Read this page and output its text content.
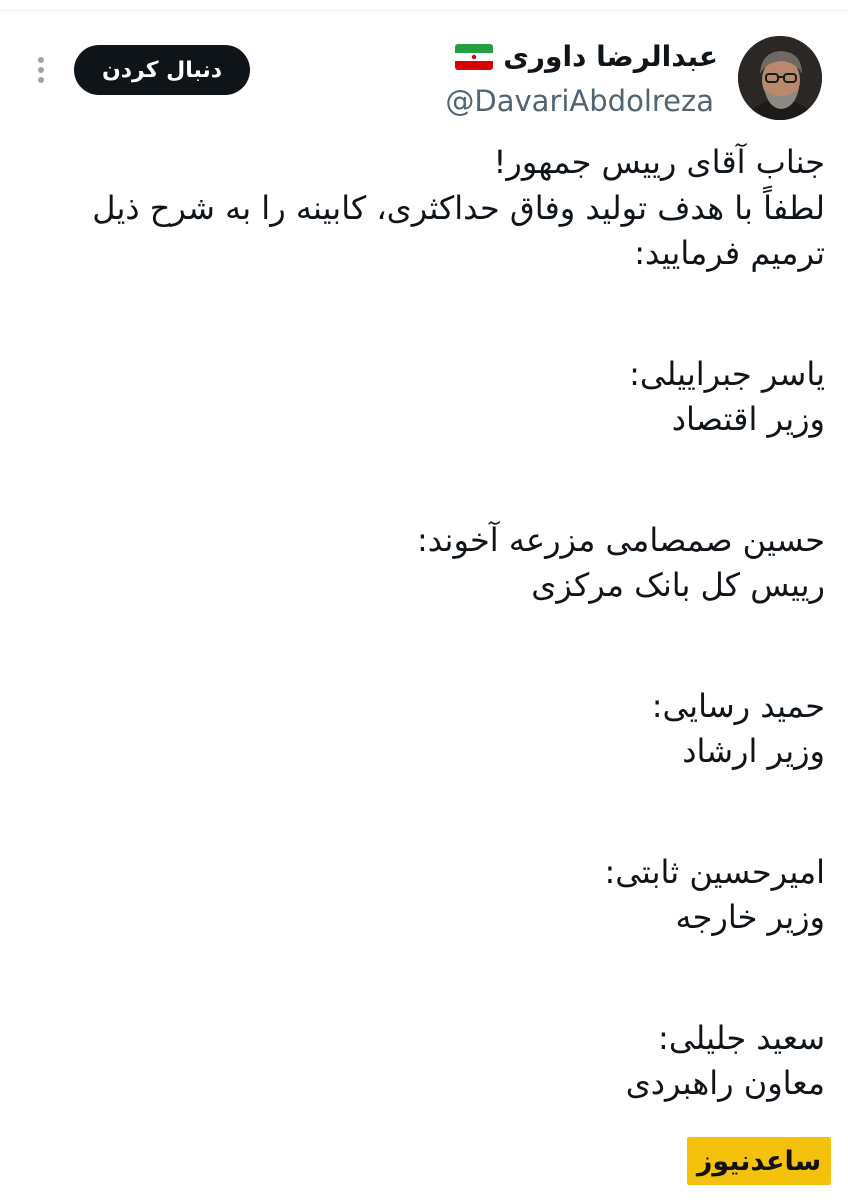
عبدالرضا داوری
@DavariAbdolreza
دنبال کردن
جناب آقای رییس جمهور!
لطفاً با هدف تولید وفاق حداکثری، کابینه را به شرح ذیل ترمیم فرمایید:
یاسر جبراییلی:
وزیر اقتصاد
حسین صمصامی مزرعه آخوند:
رییس کل بانک مرکزی
حمید رسایی:
وزیر ارشاد
امیرحسین ثابتی:
وزیر خارجه
سعید جلیلی:
معاون راهبردی
ساعدنیوز
